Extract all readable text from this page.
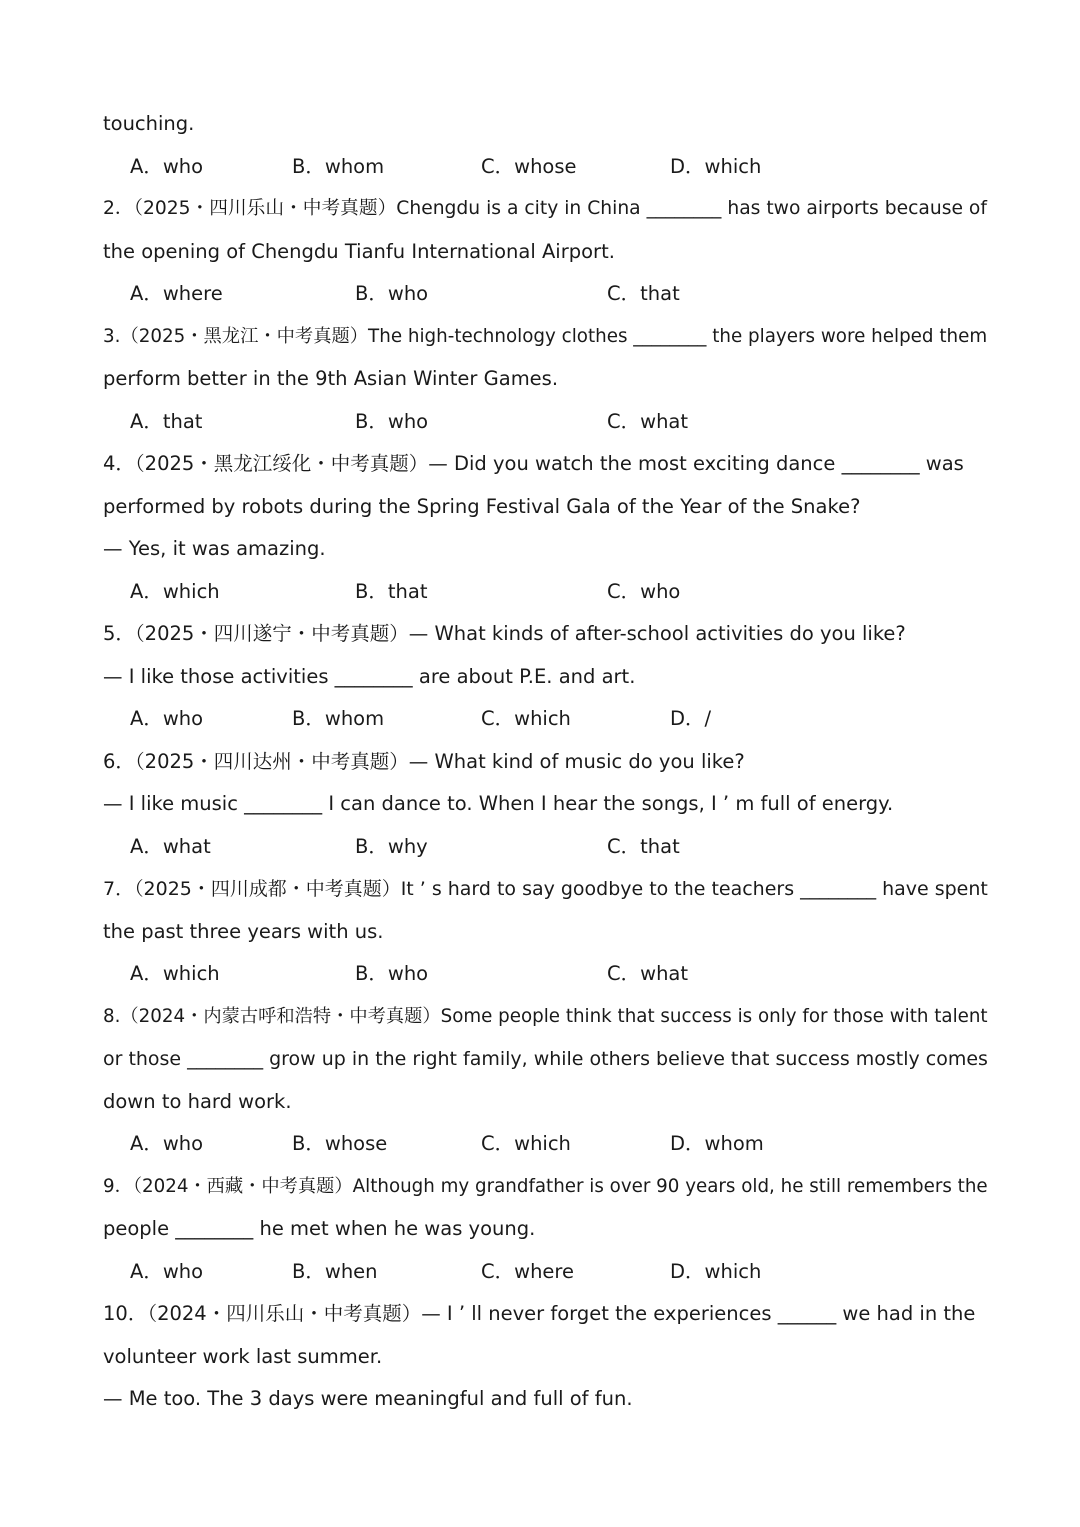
touching.
A．who	B．whom	C．whose	D．which
2．（2025・四川乐山・中考真题）Chengdu is a city in China ________ has two airports because of
the opening of Chengdu Tianfu International Airport.
A．where	B．who	C．that
3.（2025・黑龙江・中考真题）The high-technology clothes ________ the players wore helped them
perform better in the 9th Asian Winter Games.
A．that	B．who	C．what
4．（2025・黑龙江绥化・中考真题）— Did you watch the most exciting dance ________ was
performed by robots during the Spring Festival Gala of the Year of the Snake?
— Yes, it was amazing.
A．which	B．that	C．who
5．（2025・四川遂宁・中考真题）— What kinds of after-school activities do you like?
— I like those activities ________ are about P.E. and art.
A．who	B．whom	C．which	D．/
6．（2025・四川达州・中考真题）— What kind of music do you like?
— I like music ________ I can dance to. When I hear the songs, I ’ m full of energy.
A．what	B．why	C．that
7．（2025・四川成都・中考真题）It ’ s hard to say goodbye to the teachers ________ have spent
the past three years with us.
A．which	B．who	C．what
8.（2024・内蒙古呼和浩特・中考真题）Some people think that success is only for those with talent
or those ________ grow up in the right family, while others believe that success mostly comes
down to hard work.
A．who	B．whose	C．which	D．whom
9．（2024・西藏・中考真题）Although my grandfather is over 90 years old, he still remembers the
people ________ he met when he was young.
A．who	B．when	C．where	D．which
10．（2024・四川乐山・中考真题）— I ’ ll never forget the experiences ______ we had in the
volunteer work last summer.
— Me too. The 3 days were meaningful and full of fun.
